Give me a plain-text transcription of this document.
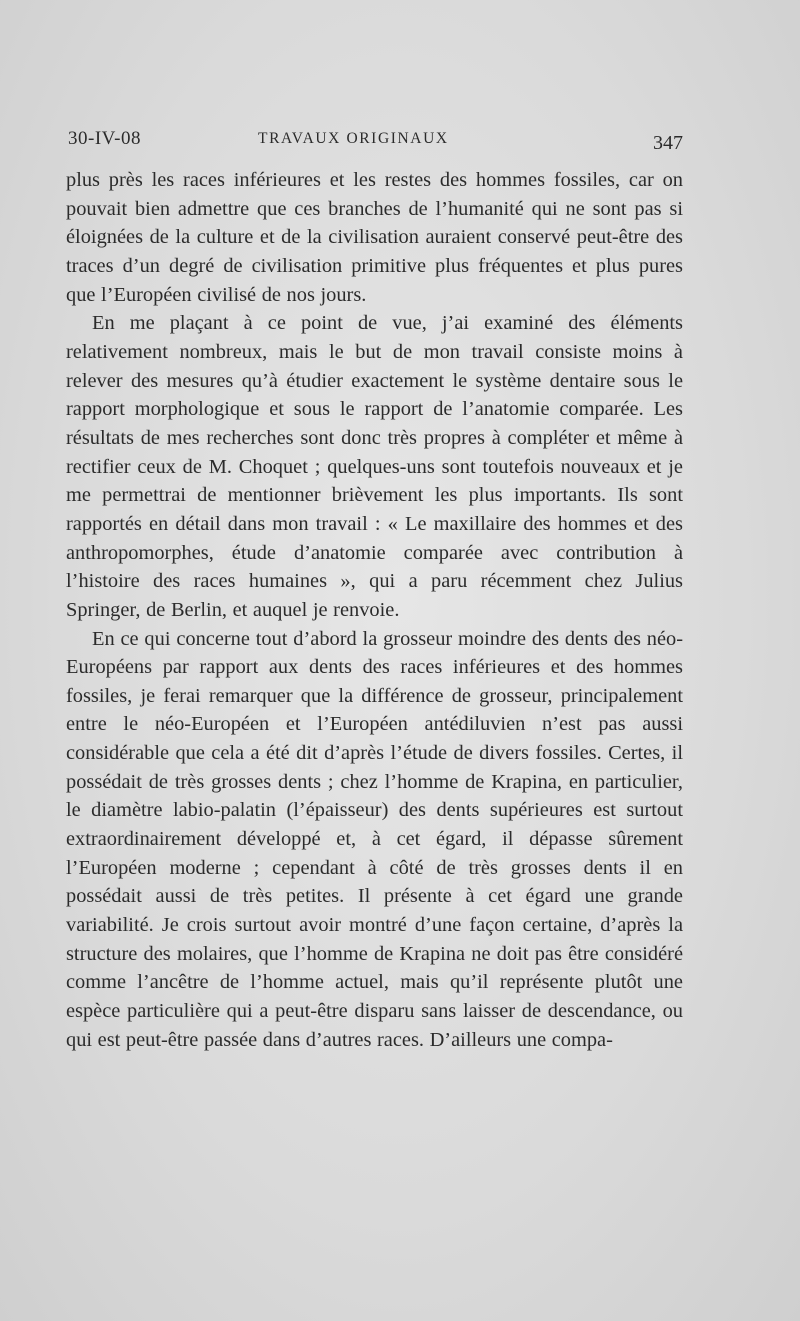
30-IV-08	TRAVAUX ORIGINAUX	347

plus près les races inférieures et les restes des hommes fossiles, car on pouvait bien admettre que ces branches de l’humanité qui ne sont pas si éloignées de la culture et de la civilisation auraient conservé peut-être des traces d’un degré de civilisation primitive plus fréquentes et plus pures que l’Européen civilisé de nos jours.

En me plaçant à ce point de vue, j’ai examiné des éléments relativement nombreux, mais le but de mon travail consiste moins à relever des mesures qu’à étudier exactement le système dentaire sous le rapport morphologique et sous le rapport de l’anatomie comparée. Les résultats de mes recherches sont donc très propres à compléter et même à rectifier ceux de M. Choquet ; quelques-uns sont toutefois nouveaux et je me permettrai de mentionner brièvement les plus importants. Ils sont rapportés en détail dans mon travail : « Le maxillaire des hommes et des anthropomorphes, étude d’anatomie comparée avec contribution à l’histoire des races humaines », qui a paru récemment chez Julius Springer, de Berlin, et auquel je renvoie.

En ce qui concerne tout d’abord la grosseur moindre des dents des néo-Européens par rapport aux dents des races inférieures et des hommes fossiles, je ferai remarquer que la différence de grosseur, principalement entre le néo-Européen et l’Européen antédiluvien n’est pas aussi considérable que cela a été dit d’après l’étude de divers fossiles. Certes, il possédait de très grosses dents ; chez l’homme de Krapina, en particulier, le diamètre labio-palatin (l’épaisseur) des dents supérieures est surtout extraordinairement développé et, à cet égard, il dépasse sûrement l’Européen moderne ; cependant à côté de très grosses dents il en possédait aussi de très petites. Il présente à cet égard une grande variabilité. Je crois surtout avoir montré d’une façon certaine, d’après la structure des molaires, que l’homme de Krapina ne doit pas être considéré comme l’ancêtre de l’homme actuel, mais qu’il représente plutôt une espèce particulière qui a peut-être disparu sans laisser de descendance, ou qui est peut-être passée dans d’autres races. D’ailleurs une compa-
